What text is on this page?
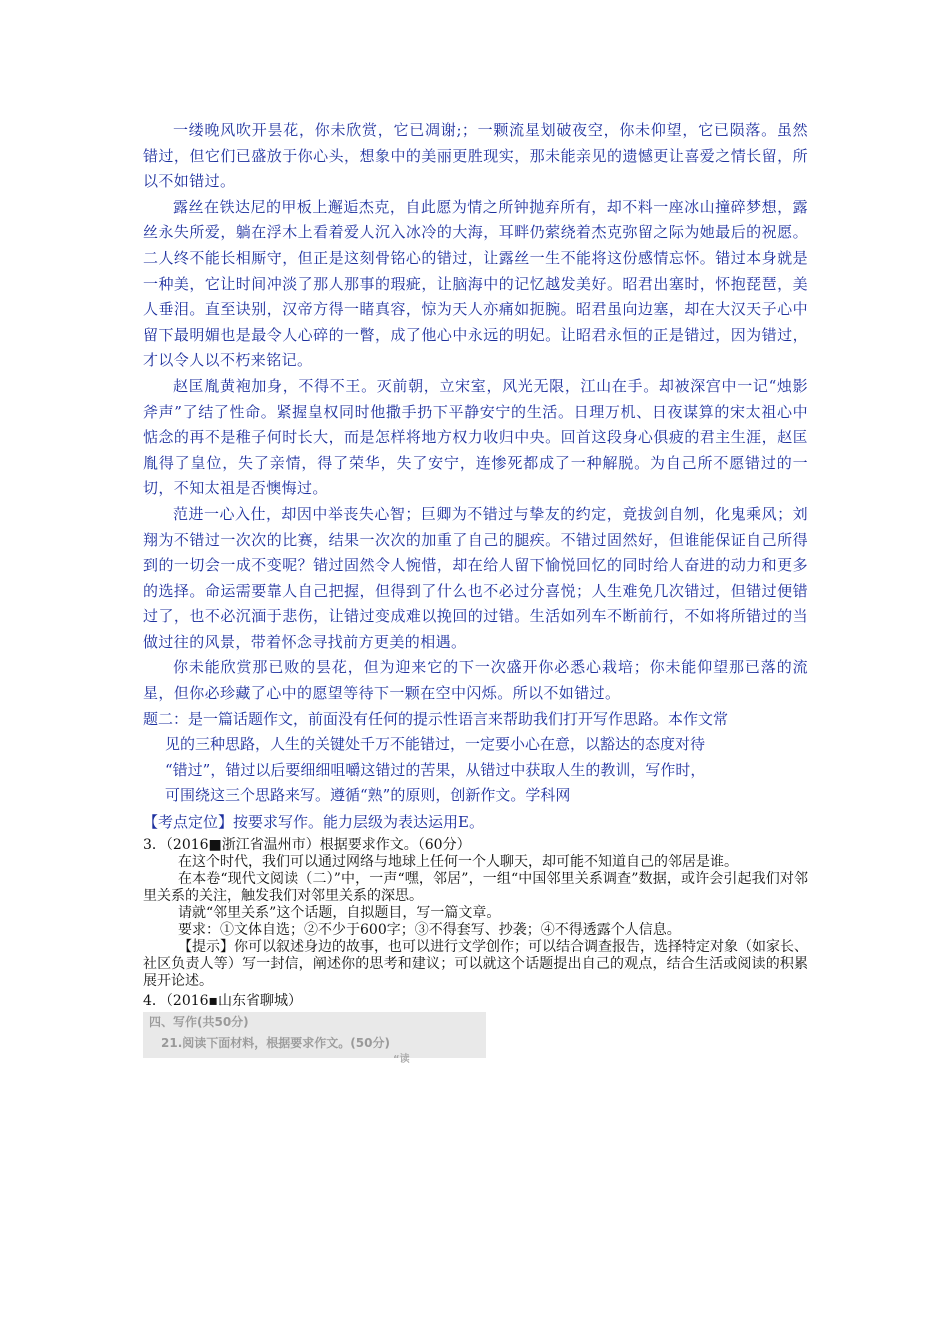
一缕晚风吹开昙花，你未欣赏，它已凋谢;；一颗流星划破夜空，你未仰望，它已陨落。虽然错过，但它们已盛放于你心头，想象中的美丽更胜现实，那未能亲见的遗憾更让喜爱之情长留，所以不如错过。

露丝在铁达尼的甲板上邂逅杰克，自此愿为情之所钟抛弃所有，却不料一座冰山撞碎梦想，露丝永失所爱，躺在浮木上看着爱人沉入冰冷的大海，耳畔仍萦绕着杰克弥留之际为她最后的祝愿。二人终不能长相厮守，但正是这刻骨铭心的错过，让露丝一生不能将这份感情忘怀。错过本身就是一种美，它让时间冲淡了那人那事的瑕疵，让脑海中的记忆越发美好。昭君出塞时，怀抱琵琶，美人垂泪。直至诀别，汉帝方得一睹真容，惊为天人亦痛如扼腕。昭君虽向边塞，却在大汉天子心中留下最明媚也是最令人心碎的一瞥，成了他心中永远的明妃。让昭君永恒的正是错过，因为错过，才以令人以不朽来铭记。

赵匡胤黄袍加身，不得不王。灭前朝，立宋室，风光无限，江山在手。却被深宫中一记“烛影斧声”了结了性命。紧握皇权同时他撒手扔下平静安宁的生活。日理万机、日夜谋算的宋太祖心中惦念的再不是稚子何时长大，而是怎样将地方权力收归中央。回首这段身心俱疲的君主生涯，赵匡胤得了皇位，失了亲情，得了荣华，失了安宁，连惨死都成了一种解脱。为自己所不愿错过的一切，不知太祖是否懊悔过。

范进一心入仕，却因中举丧失心智；巨卿为不错过与挚友的约定，竟拔剑自刎，化鬼乘风；刘翔为不错过一次次的比赛，结果一次次的加重了自己的腿疾。不错过固然好，但谁能保证自己所得到的一切会一成不变呢？错过固然令人惋惜，却在给人留下愉悦回忆的同时给人奋进的动力和更多的选择。命运需要靠人自己把握，但得到了什么也不必过分喜悦；人生难免几次错过，但错过便错过了，也不必沉湎于悲伤，让错过变成难以挽回的过错。生活如列车不断前行，不如将所错过的当做过往的风景，带着怀念寻找前方更美的相遇。

你未能欣赏那已败的昙花，但为迎来它的下一次盛开你必悉心栽培；你未能仰望那已落的流星，但你必珍藏了心中的愿望等待下一颗在空中闪烁。所以不如错过。

题二：是一篇话题作文，前面没有任何的提示性语言来帮助我们打开写作思路。本作文常

见的三种思路，人生的关键处千万不能错过，一定要小心在意，以豁达的态度对待

“错过”，错过以后要细细咀嚼这错过的苦果，从错过中获取人生的教训，写作时，

可围绕这三个思路来写。遵循“熟”的原则，创新作文。学科网

【考点定位】按要求写作。能力层级为表达运用E。

3．（2016■浙江省温州市）根据要求作文。（60分）

在这个时代，我们可以通过网络与地球上任何一个人聊天，却可能不知道自己的邻居是谁。

在本卷“现代文阅读（二）”中，一声“嘿，邻居”，一组“中国邻里关系调查”数据，或许会引起我们对邻里关系的关注，触发我们对邻里关系的深思。

请就“邻里关系”这个话题，自拟题目，写一篇文章。

要求：①文体自选；②不少于600字；③不得套写、抄袭；④不得透露个人信息。

【提示】你可以叙述身边的故事，也可以进行文学创作；可以结合调查报告，选择特定对象（如家长、社区负责人等）写一封信，阐述你的思考和建议；可以就这个话题提出自己的观点，结合生活或阅读的积累展开论述。

4．（2016▪山东省聊城）
四、写作(共50分)
21.阅读下面材料，根据要求作文。(50分)
“读
